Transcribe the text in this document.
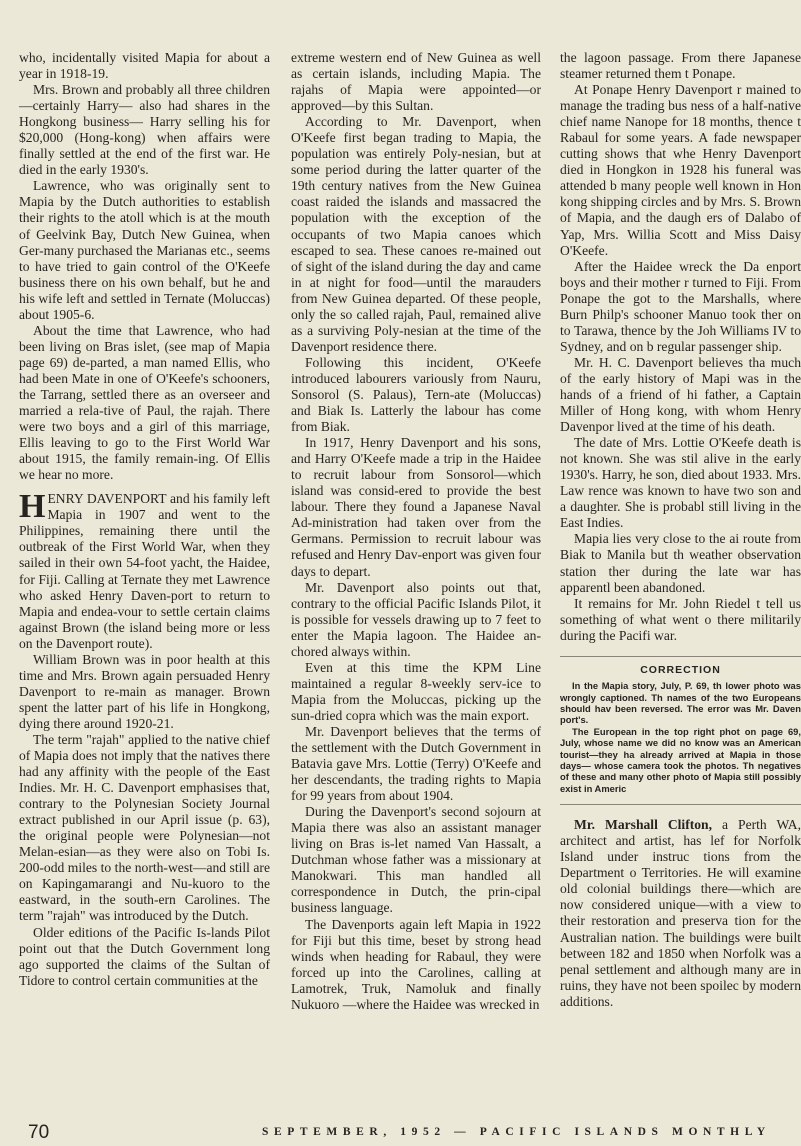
who, incidentally visited Mapia for about a year in 1918-19.

Mrs. Brown and probably all three children—certainly Harry— also had shares in the Hongkong business— Harry selling his for $20,000 (Hong-kong) when affairs were finally settled at the end of the first war. He died in the early 1930's.

Lawrence, who was originally sent to Mapia by the Dutch authorities to establish their rights to the atoll which is at the mouth of Geelvink Bay, Dutch New Guinea, when Ger-many purchased the Marianas etc., seems to have tried to gain control of the O'Keefe business there on his own behalf, but he and his wife left and settled in Ternate (Moluccas) about 1905-6.

About the time that Lawrence, who had been living on Bras islet, (see map of Mapia page 69) de-parted, a man named Ellis, who had been Mate in one of O'Keefe's schooners, the Tarrang, settled there as an overseer and married a rela-tive of Paul, the rajah. There were two boys and a girl of this marriage, Ellis leaving to go to the First World War about 1915, the family remain-ing. Of Ellis we hear no more.

HENRY DAVENPORT and his family left Mapia in 1907 and went to the Philippines, remaining there until the outbreak of the First World War, when they sailed in their own 54-foot yacht, the Haidee, for Fiji. Calling at Ternate they met Lawrence who asked Henry Daven-port to return to Mapia and endea-vour to settle certain claims against Brown (the island being more or less on the Davenport route).

William Brown was in poor health at this time and Mrs. Brown again persuaded Henry Davenport to re-main as manager. Brown spent the latter part of his life in Hongkong, dying there around 1920-21.

The term "rajah" applied to the native chief of Mapia does not imply that the natives there had any affinity with the people of the East Indies. Mr. H. C. Davenport emphasises that, contrary to the Polynesian Society Journal extract published in our April issue (p. 63), the original people were Polynesian—not Melan-esian—as they were also on Tobi Is. 200-odd miles to the north-west—and still are on Kapingamarangi and Nu-kuoro to the eastward, in the south-ern Carolines. The term "rajah" was introduced by the Dutch.

Older editions of the Pacific Is-lands Pilot point out that the Dutch Government long ago supported the claims of the Sultan of Tidore to control certain communities at the

extreme western end of New Guinea as well as certain islands, including Mapia. The rajahs of Mapia were appointed—or approved—by this Sultan.

According to Mr. Davenport, when O'Keefe first began trading to Mapia, the population was entirely Poly-nesian, but at some period during the latter quarter of the 19th century natives from the New Guinea coast raided the islands and massacred the population with the exception of the occupants of two Mapia canoes which escaped to sea. These canoes re-mained out of sight of the island during the day and came in at night for food—until the marauders from New Guinea departed. Of these people, only the so called rajah, Paul, remained alive as a surviving Poly-nesian at the time of the Davenport residence there.

Following this incident, O'Keefe introduced labourers variously from Nauru, Sonsorol (S. Palaus), Tern-ate (Moluccas) and Biak Is. Latterly the labour has come from Biak.

In 1917, Henry Davenport and his sons, and Harry O'Keefe made a trip in the Haidee to recruit labour from Sonsorol—which island was consid-ered to provide the best labour. There they found a Japanese Naval Ad-ministration had taken over from the Germans. Permission to recruit labour was refused and Henry Dav-enport was given four days to depart.

Mr. Davenport also points out that, contrary to the official Pacific Islands Pilot, it is possible for vessels drawing up to 7 feet to enter the Mapia lagoon. The Haidee an-chored always within.

Even at this time the KPM Line maintained a regular 8-weekly serv-ice to Mapia from the Moluccas, picking up the sun-dried copra which was the main export.

Mr. Davenport believes that the terms of the settlement with the Dutch Government in Batavia gave Mrs. Lottie (Terry) O'Keefe and her descendants, the trading rights to Mapia for 99 years from about 1904.

During the Davenport's second sojourn at Mapia there was also an assistant manager living on Bras is-let named Van Hassalt, a Dutchman whose father was a missionary at Manokwari. This man handled all correspondence in Dutch, the prin-cipal business language.

The Davenports again left Mapia in 1922 for Fiji but this time, beset by strong head winds when heading for Rabaul, they were forced up into the Carolines, calling at Lamotrek, Truk, Namoluk and finally Nukuoro —where the Haidee was wrecked in

the lagoon passage. From there Japanese steamer returned them t Ponape.

At Ponape Henry Davenport r mained to manage the trading bus ness of a half-native chief name Nanope for 18 months, thence t Rabaul for some years. A fade newspaper cutting shows that whe Henry Davenport died in Hongkon in 1928 his funeral was attended b many people well known in Hon kong shipping circles and by Mrs. S. Brown of Mapia, and the daugh ers of Dalabo of Yap, Mrs. Willia Scott and Miss Daisy O'Keefe.

After the Haidee wreck the Da enport boys and their mother r turned to Fiji. From Ponape the got to the Marshalls, where Burn Philp's schooner Manuo took ther on to Tarawa, thence by the Joh Williams IV to Sydney, and on b regular passenger ship.

Mr. H. C. Davenport believes tha much of the early history of Mapi was in the hands of a friend of hi father, a Captain Miller of Hong kong, with whom Henry Davenpor lived at the time of his death.

The date of Mrs. Lottie O'Keefe death is not known. She was stil alive in the early 1930's. Harry, he son, died about 1933. Mrs. Law rence was known to have two son and a daughter. She is probabl still living in the East Indies.

Mapia lies very close to the ai route from Biak to Manila but th weather observation station ther during the late war has apparentl been abandoned.

It remains for Mr. John Riedel t tell us something of what went o there militarily during the Pacifi war.

CORRECTION

In the Mapia story, July, P. 69, th lower photo was wrongly captioned. Th names of the two Europeans should hav been reversed. The error was Mr. Daven port's.

The European in the top right phot on page 69, July, whose name we did no know was an American tourist—they ha already arrived at Mapia in those days— whose camera took the photos. Th negatives of these and many other photo of Mapia still possibly exist in Americ

Mr. Marshall Clifton, a Perth WA, architect and artist, has lef for Norfolk Island under instruc tions from the Department o Territories. He will examine old colonial buildings there—which are now considered unique—with a view to their restoration and preserva tion for the Australian nation. The buildings were built between 182 and 1850 when Norfolk was a penal settlement and although many are in ruins, they have not been spoilec by modern additions.

70	SEPTEMBER, 1952 — PACIFIC ISLANDS MONTHLY
